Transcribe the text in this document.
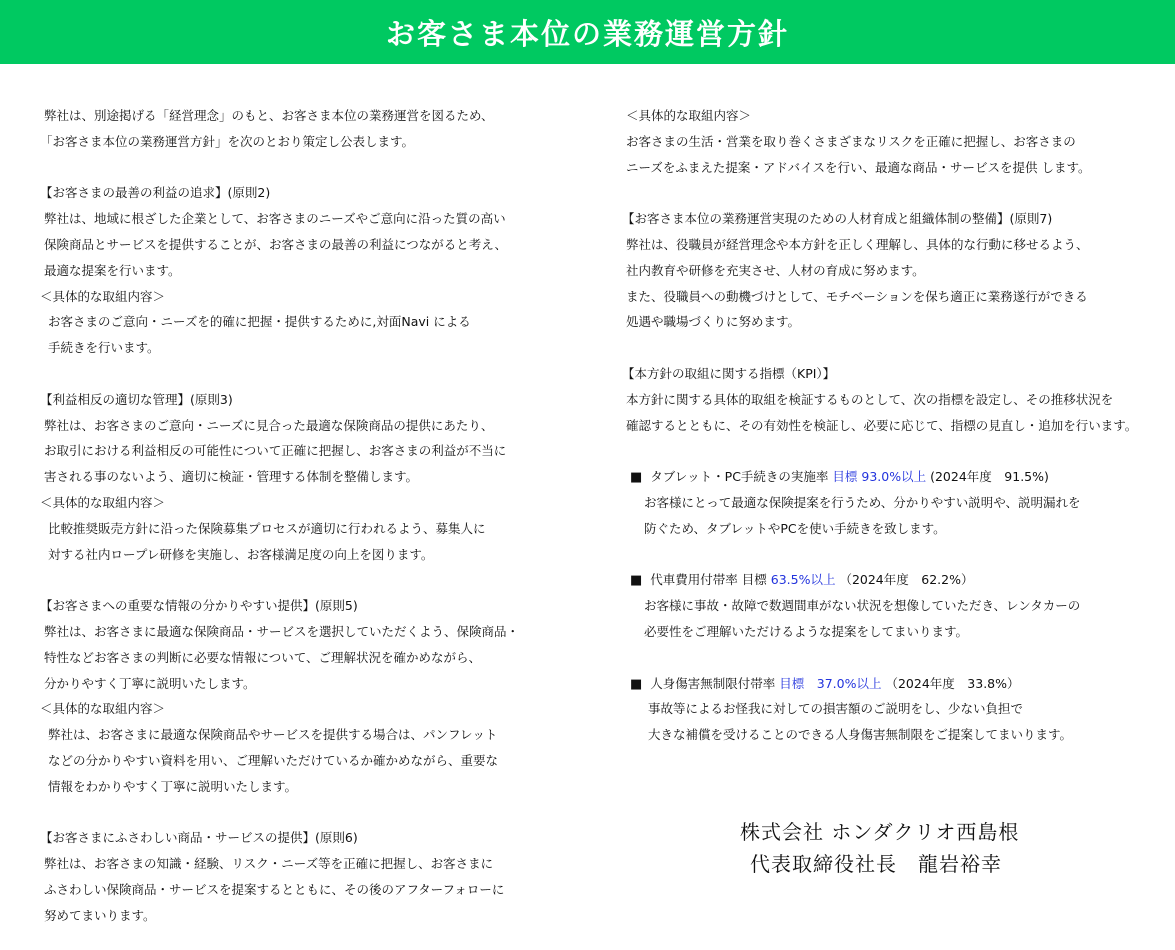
お客さま本位の業務運営方針
弊社は、別途掲げる「経営理念」のもと、お客さま本位の業務運営を図るため、
「お客さま本位の業務運営方針」を次のとおり策定し公表します。
【お客さまの最善の利益の追求】(原則2)
弊社は、地域に根ざした企業として、お客さまのニーズやご意向に沿った質の高い
保険商品とサービスを提供することが、お客さまの最善の利益につながると考え、
最適な提案を行います。
＜具体的な取組内容＞
お客さまのご意向・ニーズを的確に把握・提供するために,対面Navi による
手続きを行います。
【利益相反の適切な管理】(原則3)
弊社は、お客さまのご意向・ニーズに見合った最適な保険商品の提供にあたり、
お取引における利益相反の可能性について正確に把握し、お客さまの利益が不当に
害される事のないよう、適切に検証・管理する体制を整備します。
＜具体的な取組内容＞
比較推奨販売方針に沿った保険募集プロセスが適切に行われるよう、募集人に
対する社内ロープレ研修を実施し、お客様満足度の向上を図ります。
【お客さまへの重要な情報の分かりやすい提供】(原則5)
弊社は、お客さまに最適な保険商品・サービスを選択していただくよう、保険商品・
特性などお客さまの判断に必要な情報について、ご理解状況を確かめながら、
分かりやすく丁寧に説明いたします。
＜具体的な取組内容＞
弊社は、お客さまに最適な保険商品やサービスを提供する場合は、パンフレット
などの分かりやすい資料を用い、ご理解いただけているか確かめながら、重要な
情報をわかりやすく丁寧に説明いたします。
【お客さまにふさわしい商品・サービスの提供】(原則6)
弊社は、お客さまの知識・経験、リスク・ニーズ等を正確に把握し、お客さまに
ふさわしい保険商品・サービスを提案するとともに、その後のアフターフォローに
努めてまいります。
＜具体的な取組内容＞
お客さまの生活・営業を取り巻くさまざまなリスクを正確に把握し、お客さまの
ニーズをふまえた提案・アドバイスを行い、最適な商品・サービスを提供 します。
【お客さま本位の業務運営実現のための人材育成と組織体制の整備】(原則7)
弊社は、役職員が経営理念や本方針を正しく理解し、具体的な行動に移せるよう、
社内教育や研修を充実させ、人材の育成に努めます。
また、役職員への動機づけとして、モチベーションを保ち適正に業務遂行ができる
処遇や職場づくりに努めます。
【本方針の取組に関する指標（KPI）】
本方針に関する具体的取組を検証するものとして、次の指標を設定し、その推移状況を
確認するとともに、その有効性を検証し、必要に応じて、指標の見直し・追加を行います。
■ タブレット・PC手続きの実施率 目標 93.0%以上 (2024年度　91.5%)
お客様にとって最適な保険提案を行うため、分かりやすい説明や、説明漏れを
防ぐため、タブレットやPCを使い手続きを致します。
■ 代車費用付帯率 目標 63.5%以上 （2024年度　62.2%）
お客様に事故・故障で数週間車がない状況を想像していただき、レンタカーの
必要性をご理解いただけるような提案をしてまいります。
■ 人身傷害無制限付帯率 目標　37.0%以上 （2024年度　33.8%）
事故等によるお怪我に対しての損害額のご説明をし、少ない負担で
大きな補償を受けることのできる人身傷害無制限をご提案してまいります。
株式会社 ホンダクリオ西島根
代表取締役社長　龍岩裕幸
